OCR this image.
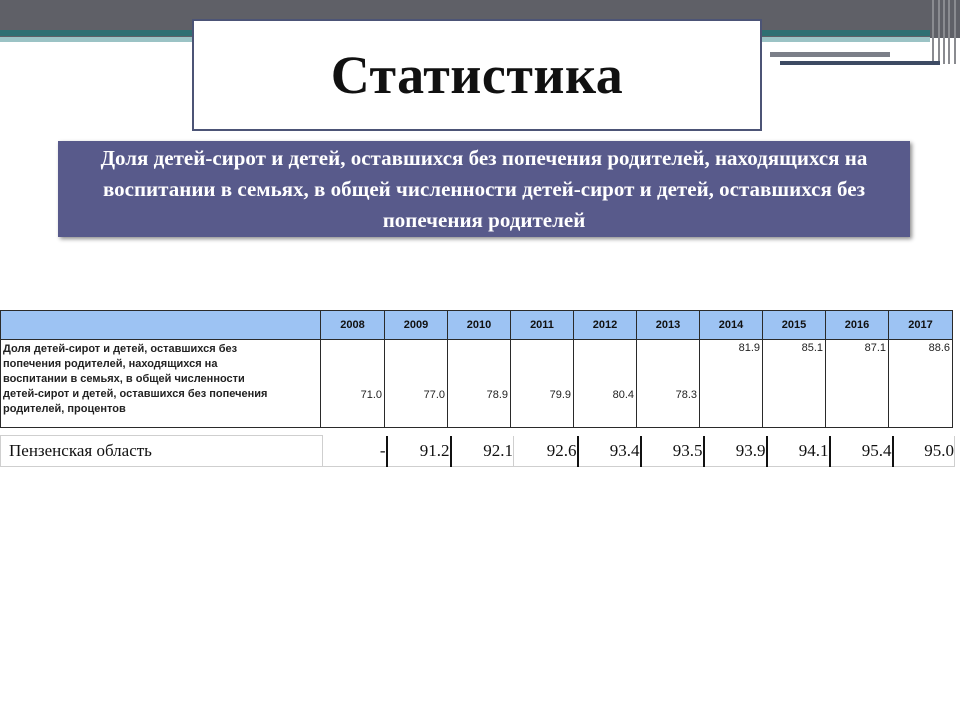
Статистика

Доля детей-сирот и детей, оставшихся без попечения родителей, находящихся на воспитании в семьях, в общей численности детей-сирот и детей, оставшихся без попечения родителей

	2008	2009	2010	2011	2012	2013	2014	2015	2016	2017

Доля детей-сирот и детей, оставшихся без
попечения родителей, находящихся на
воспитании в семьях, в общей численности
детей-сирот и детей, оставшихся без попечения
родителей, процентов	71.0	77.0	78.9	79.9	80.4	78.3	81.9	85.1	87.1	88.6
Пензенская область	-	91.2	92.1	92.6	93.4	93.5	93.9	94.1	95.4	95.0
